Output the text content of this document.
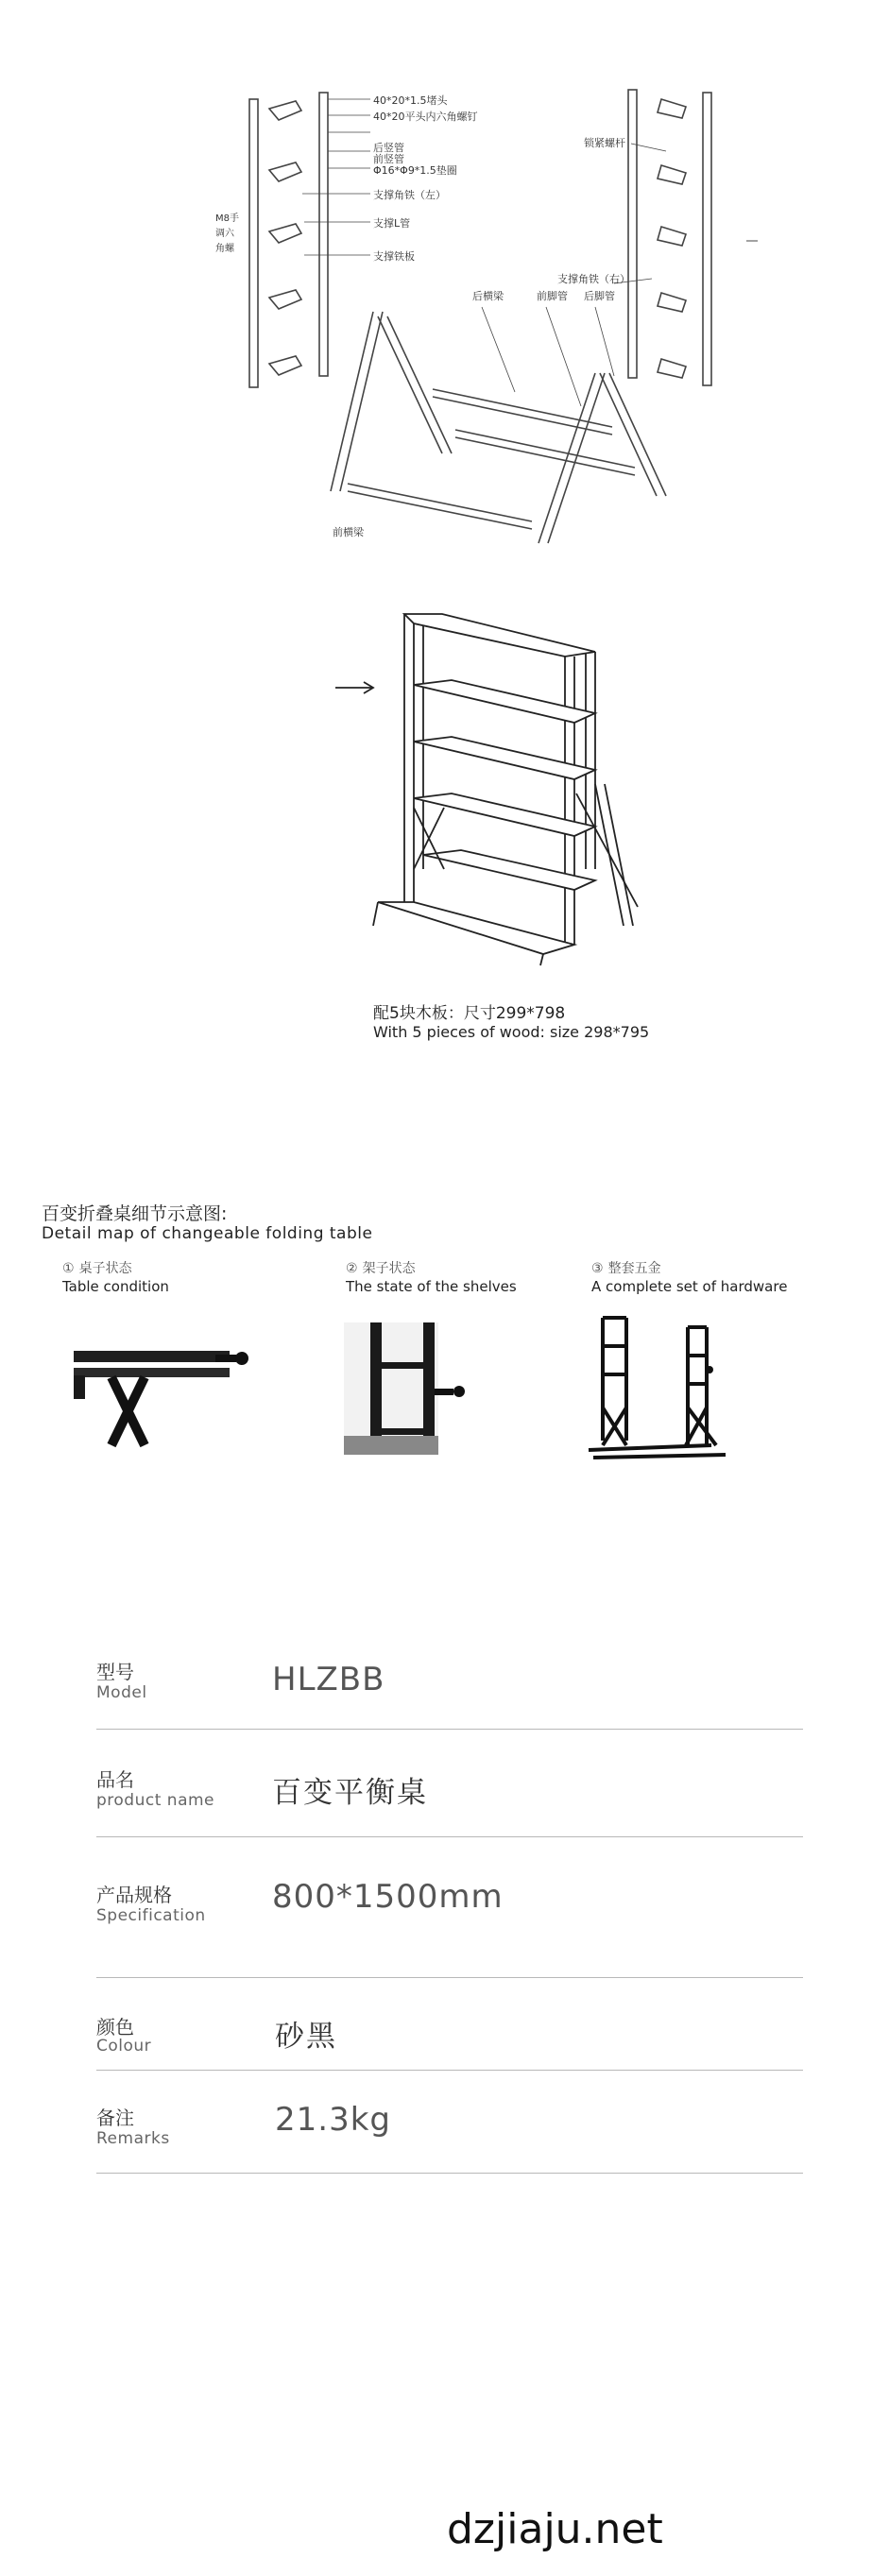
40*20*1.5堵头
40*20平头内六角螺钉
后竖管
前竖管
Φ16*Φ9*1.5垫圈
支撑角铁（左）
支撑L管
支撑铁板
锁紧螺杆
支撑角铁（右）
后横梁	前脚管 后脚管
前横梁
M8手
调六
角螺
配5块木板：尺寸299*798
With 5 pieces of wood: size 298*795
百变折叠桌细节示意图:
Detail map of changeable folding table
① 桌子状态
Table condition
② 架子状态
The state of the shelves
③ 整套五金
A complete set of hardware
型号
Model	HLZBB
品名
product name 百变平衡桌
产品规格
Specification 800*1500mm
颜色
Colour	砂黑
备注
Remarks	21.3kg
dzjiaju.net
